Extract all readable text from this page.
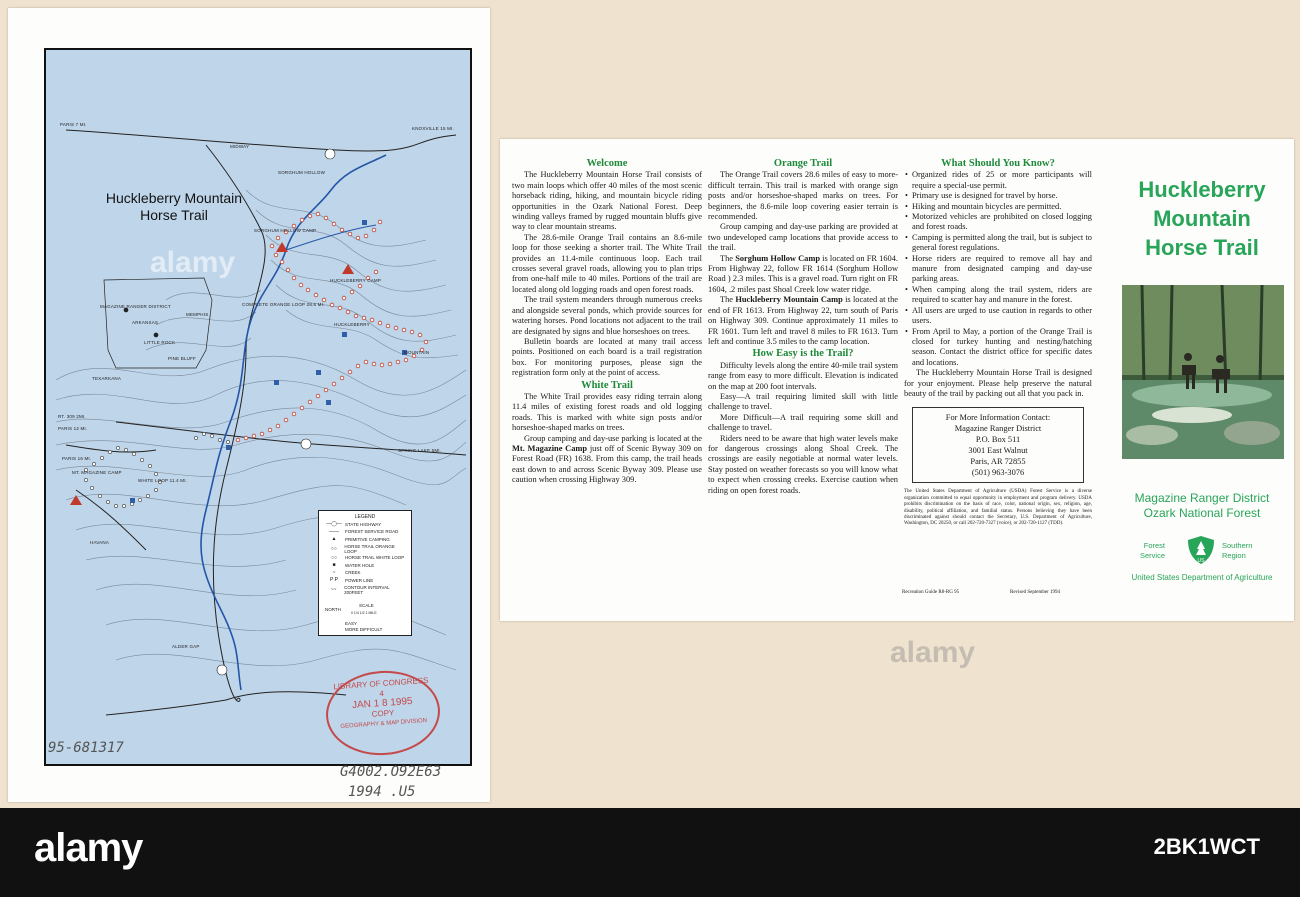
Huckleberry Mountain
Horse Trail
PARIS 7 MI.
MIDWAY
KNOXVILLE 15 MI.
SORGHUM HOLLOW
SORGHUM HOLLOW CAMP
HUCKLEBERRY CAMP
HUCKLEBERRY
MOUNTAIN
MAGAZINE RANGER DISTRICT
ARKANSAS
LITTLE ROCK
MEMPHIS
TEXARKANA
PINE BLUFF
MT. MAGAZINE CAMP
WHITE LOOP 11.4 MI.
COMPLETE ORANGE LOOP 28.6 MI.
PARIS 16 MI.
SPRING LAKE 5MI.
HAVANA
ALDER GAP
RT. 309 2MI.
PARIS 12 MI.
LEGEND
—◯— STATE HIGHWAY
——	FOREST SERVICE ROAD
▲	PRIMITIVE CAMPING
○○	HORSE TRAIL ORANGE LOOP
○○	HORSE TRAIL WHITE LOOP
■	WATER HOLE
~	CREEK
P P	POWER LINE
~~	CONTOUR INTERVAL 200FEET
NORTH
SCALE
0 1/4 1/2 1 MILE
EASY
MORE DIFFICULT
LIBRARY OF CONGRESS
4
JAN 1 8 1995
COPY
GEOGRAPHY & MAP DIVISION
95-681317
G4002.O92E63
1994 .U5
Welcome

The Huckleberry Mountain Horse Trail consists of two main loops which offer 40 miles of the most scenic horseback riding, hiking, and mountain bicycle riding opportunities in the Ozark National Forest. Deep winding valleys framed by rugged mountain bluffs give way to clear mountain streams.

The 28.6-mile Orange Trail contains an 8.6-mile loop for those seeking a shorter trail. The White Trail provides an 11.4-mile continuous loop. Each trail crosses several gravel roads, allowing you to plan trips from one-half mile to 40 miles. Portions of the trail are located along old logging roads and open forest roads.

The trail system meanders through numerous creeks and alongside several ponds, which provide sources for watering horses. Pond locations not adjacent to the trail are designated by signs and blue horseshoes on trees.

Bulletin boards are located at many trail access points. Positioned on each board is a trail registration box. For monitoring purposes, please sign the registration form only at the point of access.

White Trail

The White Trail provides easy riding terrain along 11.4 miles of existing forest roads and old logging roads. This is marked with white sign posts and/or horseshoe-shaped marks on trees.

Group camping and day-use parking is located at the Mt. Magazine Camp just off of Scenic Byway 309 on Forest Road (FR) 1638. From this camp, the trail heads east down to and across Scenic Byway 309. Please use caution when crossing Highway 309.

Orange Trail

The Orange Trail covers 28.6 miles of easy to more-difficult terrain. This trail is marked with orange sign posts and/or horseshoe-shaped marks on trees. For beginners, the 8.6-mile loop covering easier terrain is recommended.

Group camping and day-use parking are provided at two undeveloped camp locations that provide access to the trail.

The Sorghum Hollow Camp is located on FR 1604. From Highway 22, follow FR 1614 (Sorghum Hollow Road ) 2.3 miles. This is a gravel road. Turn right on FR 1604, .2 miles past Shoal Creek low water ridge.

The Huckleberry Mountain Camp is located at the end of FR 1613. From Highway 22, turn south of Paris on Highway 309. Continue approximately 11 miles to FR 1601. Turn left and travel 8 miles to FR 1613. Turn left and continue 3.5 miles to the camp location.

How Easy is the Trail?

Difficulty levels along the entire 40-mile trail system range from easy to more difficult. Elevation is indicated on the map at 200 foot intervals.

Easy—A trail requiring limited skill with little challenge to travel.

More Difficult—A trail requiring some skill and challenge to travel.

Riders need to be aware that high water levels make for dangerous crossings along Shoal Creek. The crossings are easily negotiable at normal water levels. Stay posted on weather forecasts so you will know what to expect when crossing creeks. Exercise caution when riding on open forest roads.

What Should You Know?
• Organized rides of 25 or more participants will require a special-use permit.
• Primary use is designed for travel by horse.
• Hiking and mountain bicycles are permitted.
• Motorized vehicles are prohibited on closed logging and forest roads.
• Camping is permitted along the trail, but is subject to general forest regulations.
• Horse riders are required to remove all hay and manure from designated camping and day-use parking areas.
• When camping along the trail system, riders are required to scatter hay and manure in the forest.
• All users are urged to use caution in regards to other users.
• From April to May, a portion of the Orange Trail is closed for turkey hunting and nesting/hatching season. Contact the district office for specific dates and locations.

The Huckleberry Mountain Horse Trail is designed for your enjoyment. Please help preserve the natural beauty of the trail by packing out all that you pack in.

For More Information Contact:
Magazine Ranger District
P.O. Box 511
3001 East Walnut
Paris, AR 72855
(501) 963-3076
The United States Department of Agriculture (USDA) Forest Service is a diverse organization committed to equal opportunity in employment and program delivery. USDA prohibits discrimination on the basis of race, color, national origin, sex, religion, age, disability, political affiliation, and familial status. Persons believing they have been discriminated against should contact the Secretary, U.S. Department of Agriculture, Washington, DC 20250, or call 202-720-7327 (voice), or 202-720-1127 (TDD).
Recreation Guide R8-RG 95	Revised September 1994
Huckleberry
Mountain
Horse Trail
Magazine Ranger District
Ozark National Forest
Forest
Service
US
Southern
Region
United States Department of Agriculture
alamy
alamy
alamy	2BK1WCT
